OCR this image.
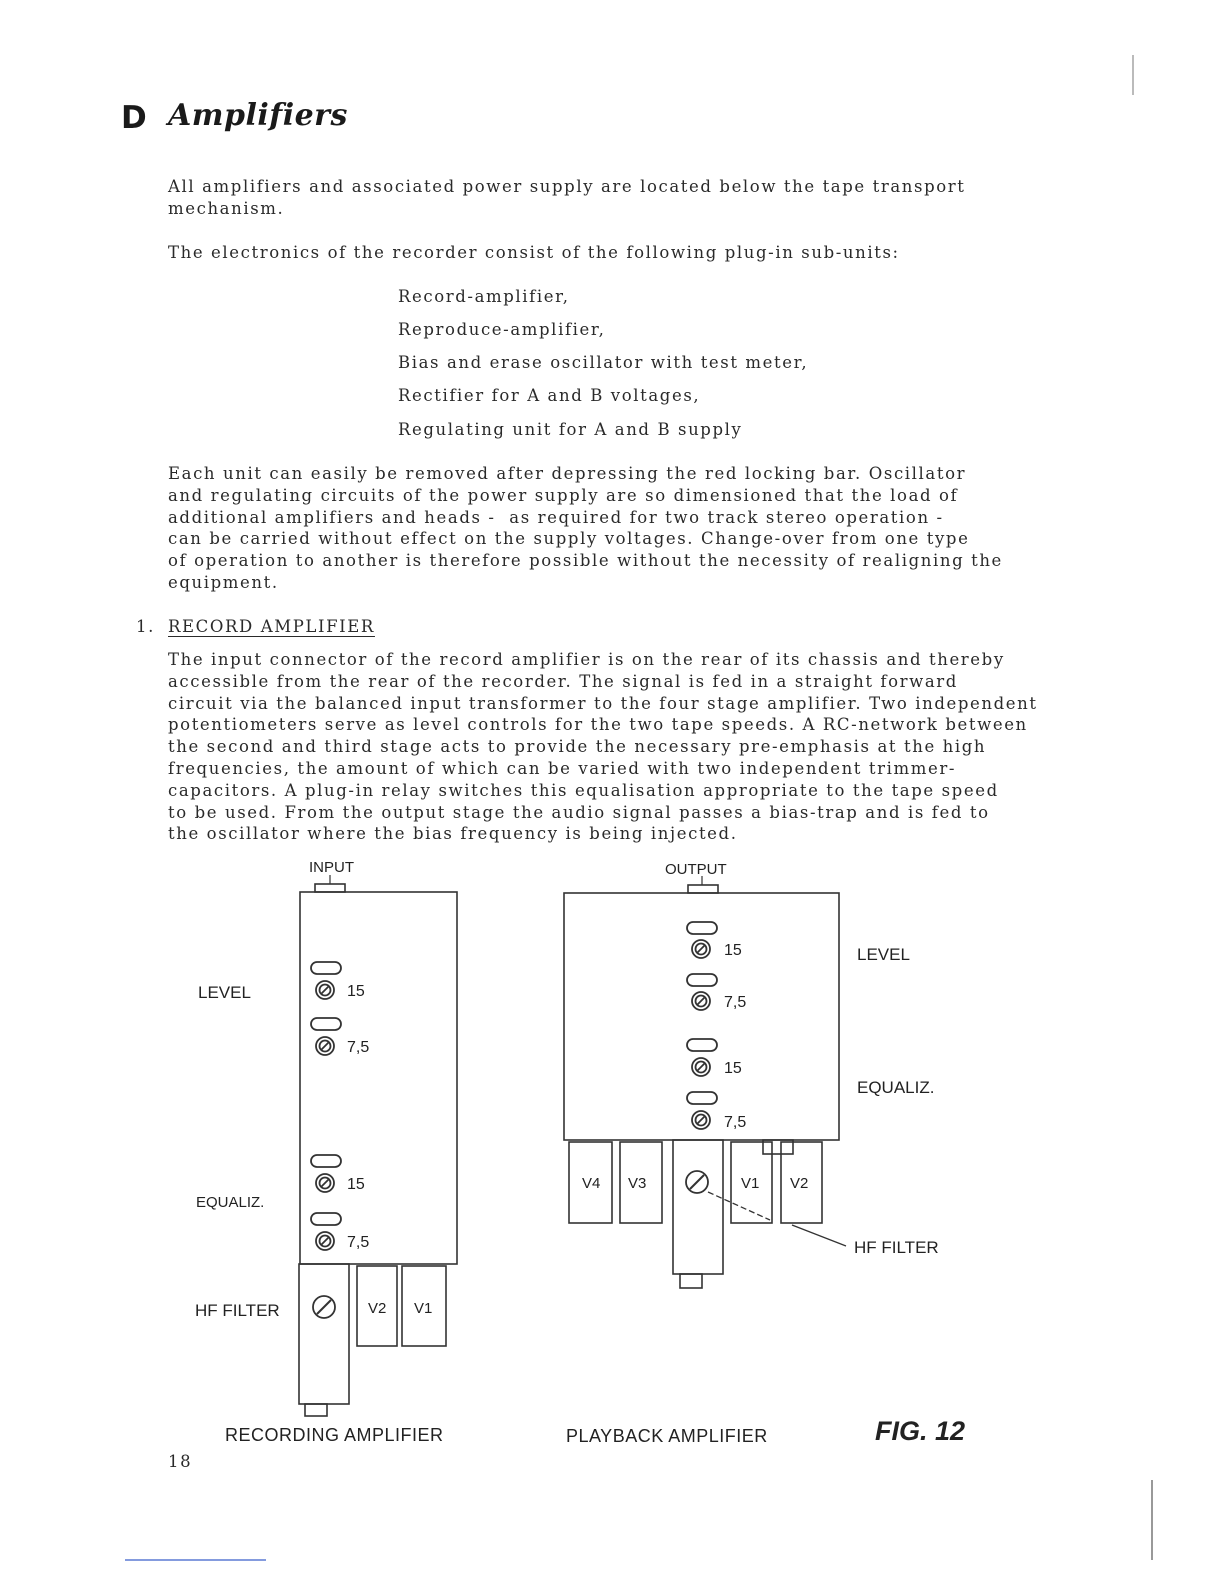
D Amplifiers
All amplifiers and associated power supply are located below the tape transport
mechanism.
The electronics of the recorder consist of the following plug-in sub-units:
Record-amplifier,
Reproduce-amplifier,
Bias and erase oscillator with test meter,
Rectifier for A and B voltages,
Regulating unit for A and B supply
Each unit can easily be removed after depressing the red locking bar. Oscillator
and regulating circuits of the power supply are so dimensioned that the load of
additional amplifiers and heads -  as required for two track stereo operation -
can be carried without effect on the supply voltages. Change-over from one type
of operation to another is therefore possible without the necessity of realigning the
equipment.
1. RECORD AMPLIFIER
The input connector of the record amplifier is on the rear of its chassis and thereby
accessible from the rear of the recorder. The signal is fed in a straight forward
circuit via the balanced input transformer to the four stage amplifier. Two independent
potentiometers serve as level controls for the two tape speeds. A RC-network between
the second and third stage acts to provide the necessary pre-emphasis at the high
frequencies, the amount of which can be varied with two independent trimmer-
capacitors. A plug-in relay switches this equalisation appropriate to the tape speed
to be used. From the output stage the audio signal passes a bias-trap and is fed to
the oscillator where the bias frequency is being injected.
INPUT
LEVEL
EQUALIZ.
HF FILTER
15
7,5
15
7,5
V2 V1
RECORDING AMPLIFIER
OUTPUT
LEVEL
EQUALIZ.
15
7,5
15
7,5
V4 V3	V1 V2
HF FILTER
PLAYBACK AMPLIFIER	FIG. 12
18
